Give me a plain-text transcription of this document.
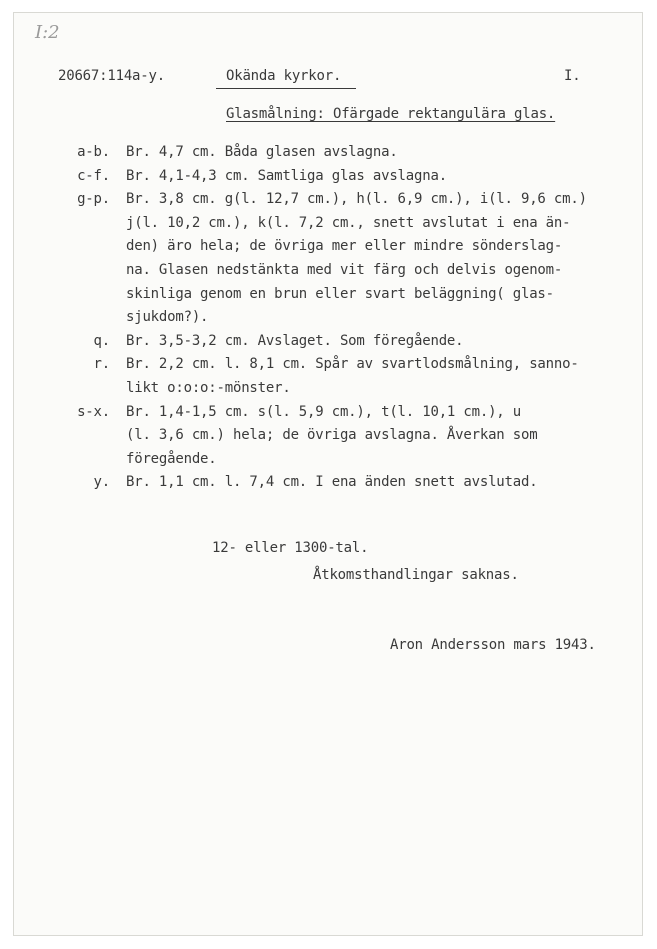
I:2
20667:114a-y.	Okända kyrkor.	I.
Glasmålning: Ofärgade rektangulära glas.
a-b. Br. 4,7 cm. Båda glasen avslagna.
c-f. Br. 4,1-4,3 cm. Samtliga glas avslagna.
g-p. Br. 3,8 cm. g(l. 12,7 cm.), h(l. 6,9 cm.), i(l. 9,6 cm.)
j(l. 10,2 cm.), k(l. 7,2 cm., snett avslutat i ena än-
den) äro hela; de övriga mer eller mindre sönderslag-
na. Glasen nedstänkta med vit färg och delvis ogenom-
skinliga genom en brun eller svart beläggning( glas-
sjukdom?).
q. Br. 3,5-3,2 cm. Avslaget. Som föregående.
r. Br. 2,2 cm. l. 8,1 cm. Spår av svartlodsmålning, sanno-
likt o:o:o:-mönster.
s-x. Br. 1,4-1,5 cm. s(l. 5,9 cm.), t(l. 10,1 cm.), u
(l. 3,6 cm.) hela; de övriga avslagna. Åverkan som
föregående.
y. Br. 1,1 cm. l. 7,4 cm. I ena änden snett avslutad.
12- eller 1300-tal.
Åtkomsthandlingar saknas.
Aron Andersson mars 1943.
